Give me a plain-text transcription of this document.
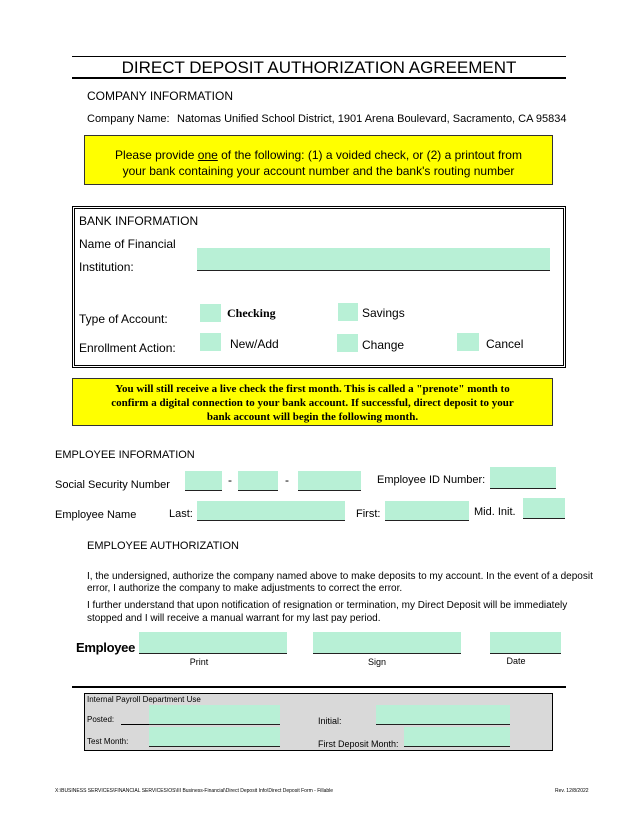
DIRECT DEPOSIT AUTHORIZATION AGREEMENT
COMPANY INFORMATION
Company Name: Natomas Unified School District, 1901 Arena Boulevard, Sacramento, CA 95834
Please provide one of the following: (1) a voided check, or (2) a printout from
your bank containing your account number and the bank's routing number
BANK INFORMATION
Name of Financial
Institution:
Type of Account:	Checking	Savings
Enrollment Action:	New/Add	Change	Cancel
You will still receive a live check the first month. This is called a "prenote" month to
confirm a digital connection to your bank account. If successful, direct deposit to your
bank account will begin the following month.
EMPLOYEE INFORMATION
Social Security Number	-	-	Employee ID Number:
Employee Name	Last:	First:	Mid. Init.
EMPLOYEE AUTHORIZATION
I, the undersigned, authorize the company named above to make deposits to my account. In the event of a deposit
error, I authorize the company to make adjustments to correct the error.
I further understand that upon notification of resignation or termination, my Direct Deposit will be immediately
stopped and I will receive a manual warrant for my last pay period.
Employee
Print	Sign	Date
Internal Payroll Department Use
Posted:	Initial:
Test Month:	First Deposit Month:
X:\BUSINESS SERVICES\FINANCIAL SERVICES\OS\III Business-Financial\Direct Deposit Info\Direct Deposit Form - Fillable	Rev. 12/8/2022
